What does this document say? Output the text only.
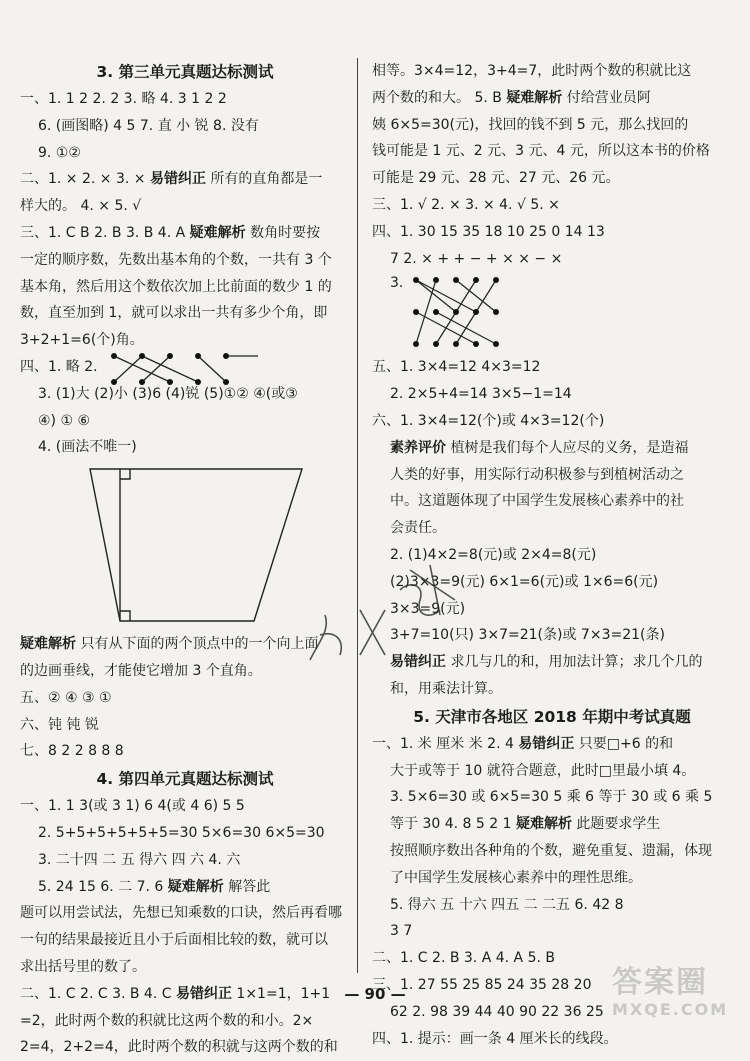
3. 第三单元真题达标测试

一、1. 1 2 2. 2 3. 略 4. 3 1 2 2

6. (画图略) 4 5 7. 直 小 锐 8. 没有

9. ①②

二、1. × 2. × 3. × 易错纠正 所有的直角都是一

样大的。 4. × 5. √

三、1. C B 2. B 3. B 4. A 疑难解析 数角时要按

一定的顺序数，先数出基本角的个数，一共有 3 个

基本角，然后用这个数依次加上比前面的数少 1 的

数，直至加到 1，就可以求出一共有多少个角，即

3+2+1=6(个)角。

四、1. 略 2.

3. (1)大 (2)小 (3)6 (4)锐 (5)①② ④(或③

④) ① ⑥

4. (画法不唯一)

疑难解析 只有从下面的两个顶点中的一个向上面

的边画垂线，才能使它增加 3 个直角。

五、② ④ ③ ①

六、钝 钝 锐

七、8 2 2 8 8 8

4. 第四单元真题达标测试

一、1. 1 3(或 3 1) 6 4(或 4 6) 5 5

2. 5+5+5+5+5+5=30 5×6=30 6×5=30

3. 二十四 二 五 得六 四 六 4. 六

5. 24 15 6. 二 7. 6 疑难解析 解答此

题可以用尝试法，先想已知乘数的口诀，然后再看哪

一句的结果最接近且小于后面相比较的数，就可以

求出括号里的数了。

二、1. C 2. C 3. B 4. C 易错纠正 1×1=1，1+1

=2，此时两个数的积就比这两个数的和小。2×

2=4，2+2=4，此时两个数的积就与这两个数的和

相等。3×4=12，3+4=7，此时两个数的积就比这

两个数的和大。 5. B 疑难解析 付给营业员阿

姨 6×5=30(元)，找回的钱不到 5 元，那么找回的

钱可能是 1 元、2 元、3 元、4 元，所以这本书的价格

可能是 29 元、28 元、27 元、26 元。

三、1. √ 2. × 3. × 4. √ 5. ×

四、1. 30 15 35 18 10 25 0 14 13

7 2. × + + − + × × − ×

3.

五、1. 3×4=12 4×3=12

2. 2×5+4=14 3×5−1=14

六、1. 3×4=12(个)或 4×3=12(个)

素养评价 植树是我们每个人应尽的义务，是造福

人类的好事，用实际行动积极参与到植树活动之

中。这道题体现了中国学生发展核心素养中的社

会责任。

2. (1)4×2=8(元)或 2×4=8(元)

(2)3×3=9(元) 6×1=6(元)或 1×6=6(元)

3×3=9(元)

3+7=10(只) 3×7=21(条)或 7×3=21(条)

易错纠正 求几与几的和，用加法计算；求几个几的

和，用乘法计算。

5. 天津市各地区 2018 年期中考试真题

一、1. 米 厘米 米 2. 4 易错纠正 只要□+6 的和

大于或等于 10 就符合题意，此时□里最小填 4。

3. 5×6=30 或 6×5=30 5 乘 6 等于 30 或 6 乘 5

等于 30 4. 8 5 2 1 疑难解析 此题要求学生

按照顺序数出各种角的个数，避免重复、遗漏，体现

了中国学生发展核心素养中的理性思维。

5. 得六 五 十六 四五 二 二五 6. 42 8

3 7

二、1. C 2. B 3. A 4. A 5. B

三、1. 27 55 25 85 24 35 28 20

62 2. 98 39 44 40 90 22 36 25

四、1. 提示：画一条 4 厘米长的线段。

— 90 —	答案圈
MXQE.COM
